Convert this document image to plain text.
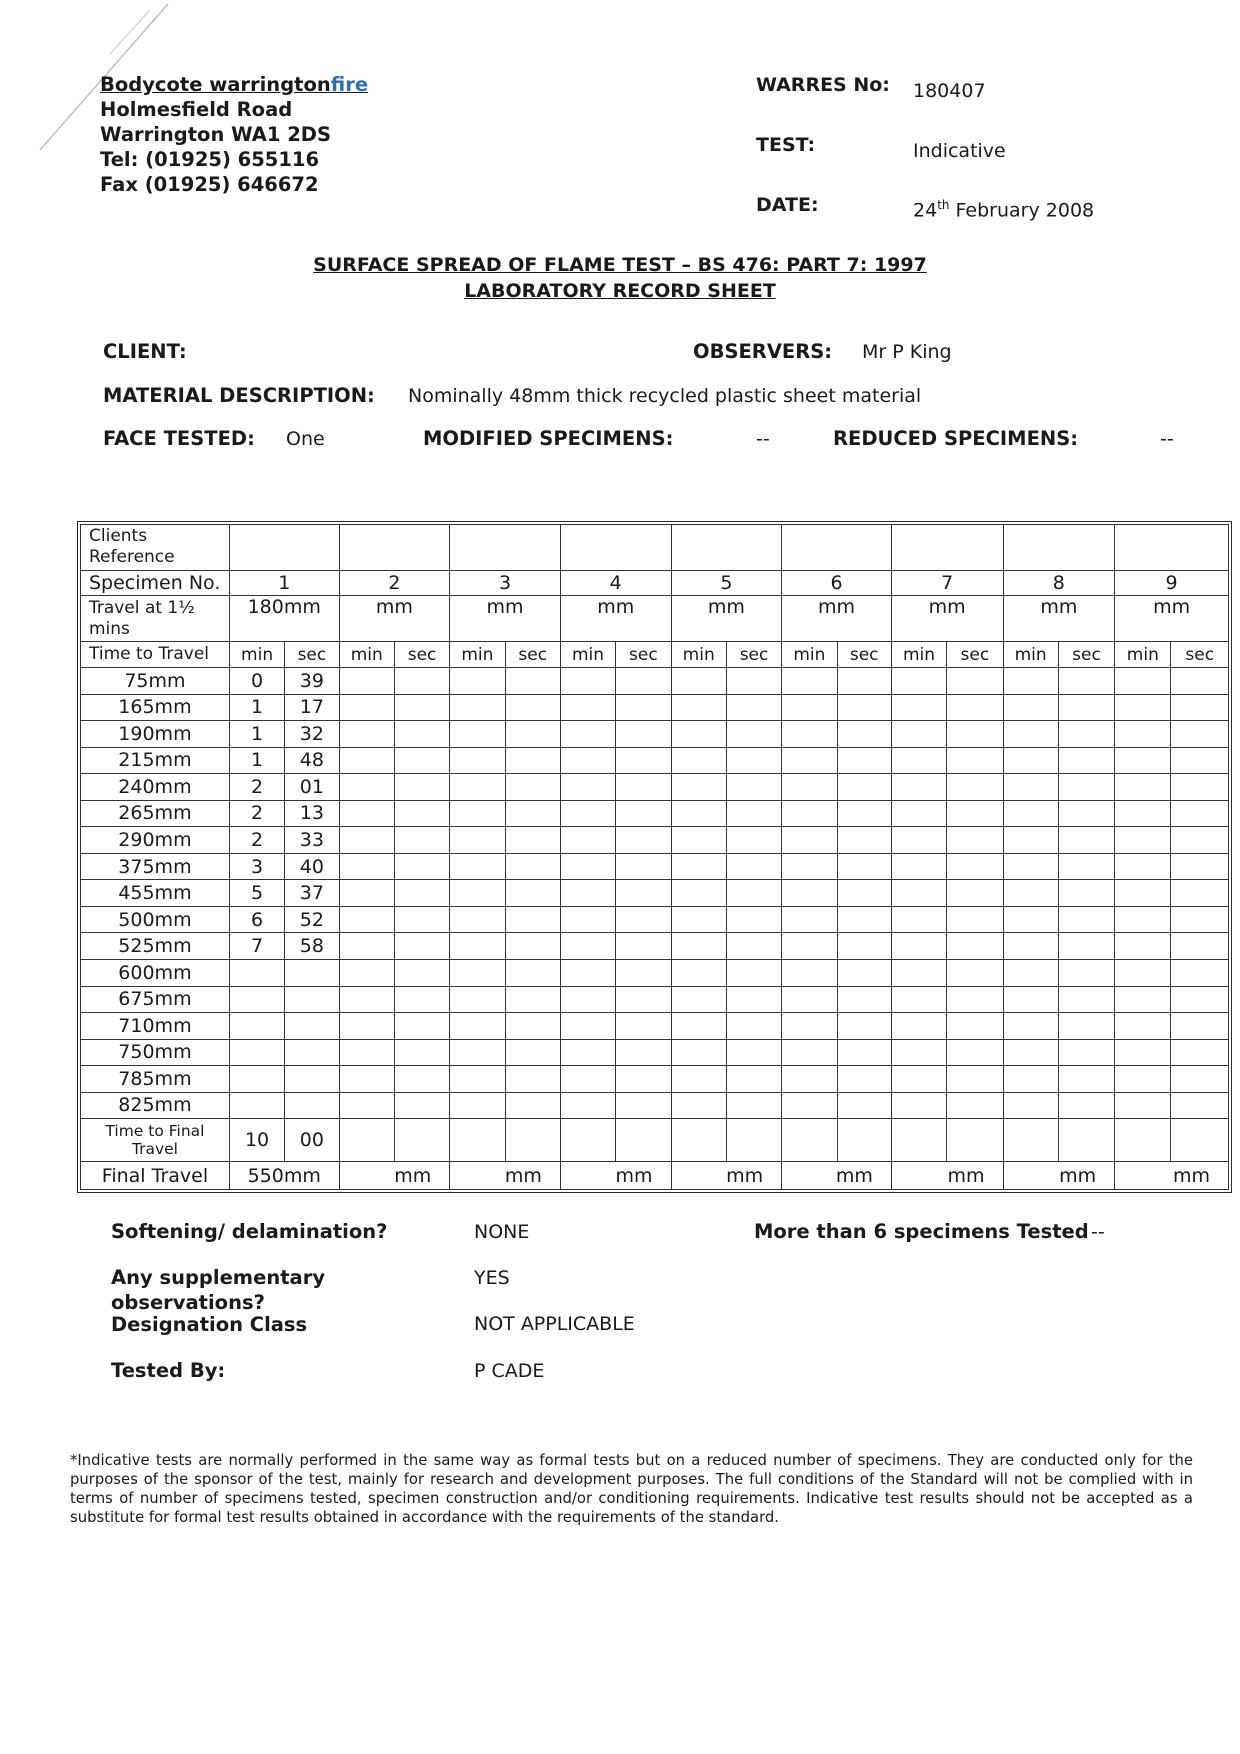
Bodycote warringtonfire
Holmesfield Road
Warrington WA1 2DS
Tel: (01925) 655116
Fax (01925) 646672
WARRES No: 180407
TEST:	Indicative
DATE:	24th February 2008
SURFACE SPREAD OF FLAME TEST – BS 476: PART 7: 1997
LABORATORY RECORD SHEET
CLIENT:	OBSERVERS: Mr P King
MATERIAL DESCRIPTION: Nominally 48mm thick recycled plastic sheet material
FACE TESTED: One	MODIFIED SPECIMENS:	--	REDUCED SPECIMENS:	--
Clients Reference																		
Specimen No.	1		2		3		4		5		6		7		8		9	
Travel at 1½ mins	180mm		mm		mm		mm		mm		mm		mm		mm		mm	
Time to Travel	min	sec	min	sec	min	sec	min	sec	min	sec	min	sec	min	sec	min	sec	min	sec
75mm	0	39																
165mm	1	17																
190mm	1	32																
215mm	1	48																
240mm	2	01																
265mm	2	13																
290mm	2	33																
375mm	3	40																
455mm	5	37																
500mm	6	52																
525mm	7	58																
600mm																		
675mm																		
710mm																		
750mm																		
785mm																		
825mm																		
Time to Final Travel	10	00																
Final Travel	550mm		mm		mm		mm		mm		mm		mm		mm		mm	
Softening/ delamination?	NONE	More than 6 specimens Tested --
Any supplementary
observations?
YES
Designation Class	NOT APPLICABLE
Tested By:	P CADE
*Indicative tests are normally performed in the same way as formal tests but on a reduced number of specimens. They are conducted only for the purposes of the sponsor of the test, mainly for research and development purposes. The full conditions of the Standard will not be complied with in terms of number of specimens tested, specimen construction and/or conditioning requirements. Indicative test results should not be accepted as a substitute for formal test results obtained in accordance with the requirements of the standard.
